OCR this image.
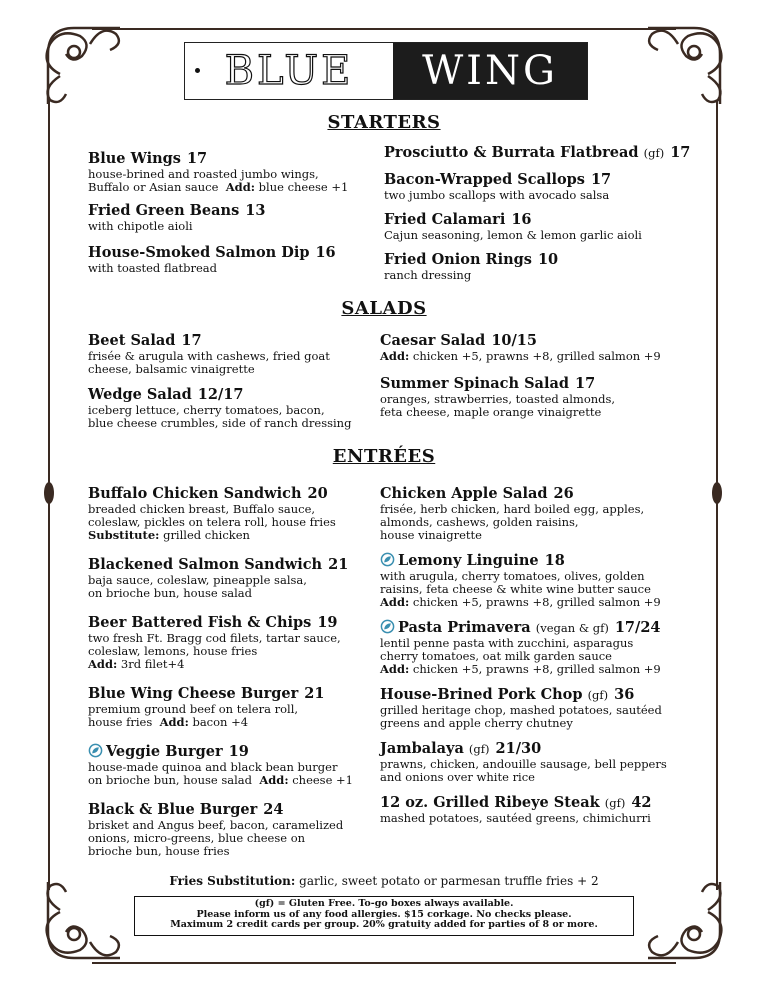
BLUE WING
STARTERS
Blue Wings 17
house-brined and roasted jumbo wings,
Buffalo or Asian sauce Add: blue cheese +1
Fried Green Beans 13
with chipotle aioli
House-Smoked Salmon Dip 16
with toasted flatbread
Prosciutto & Burrata Flatbread (gf) 17
Bacon-Wrapped Scallops 17
two jumbo scallops with avocado salsa
Fried Calamari 16
Cajun seasoning, lemon & lemon garlic aioli
Fried Onion Rings 10
ranch dressing
SALADS
Beet Salad 17
frisée & arugula with cashews, fried goat
cheese, balsamic vinaigrette
Wedge Salad 12/17
iceberg lettuce, cherry tomatoes, bacon,
blue cheese crumbles, side of ranch dressing
Caesar Salad 10/15
Add: chicken +5, prawns +8, grilled salmon +9
Summer Spinach Salad 17
oranges, strawberries, toasted almonds,
feta cheese, maple orange vinaigrette
ENTRÉES
Buffalo Chicken Sandwich 20
breaded chicken breast, Buffalo sauce,
coleslaw, pickles on telera roll, house fries
Substitute: grilled chicken
Blackened Salmon Sandwich 21
baja sauce, coleslaw, pineapple salsa,
on brioche bun, house salad
Beer Battered Fish & Chips 19
two fresh Ft. Bragg cod filets, tartar sauce,
coleslaw, lemons, house fries
Add: 3rd filet+4
Blue Wing Cheese Burger 21
premium ground beef on telera roll,
house fries Add: bacon +4
Veggie Burger 19
house-made quinoa and black bean burger
on brioche bun, house salad Add: cheese +1
Black & Blue Burger 24
brisket and Angus beef, bacon, caramelized
onions, micro-greens, blue cheese on
brioche bun, house fries
Chicken Apple Salad 26
frisée, herb chicken, hard boiled egg, apples,
almonds, cashews, golden raisins,
house vinaigrette
Lemony Linguine 18
with arugula, cherry tomatoes, olives, golden
raisins, feta cheese & white wine butter sauce
Add: chicken +5, prawns +8, grilled salmon +9
Pasta Primavera (vegan & gf) 17/24
lentil penne pasta with zucchini, asparagus
cherry tomatoes, oat milk garden sauce
Add: chicken +5, prawns +8, grilled salmon +9
House-Brined Pork Chop (gf) 36
grilled heritage chop, mashed potatoes, sautéed
greens and apple cherry chutney
Jambalaya (gf) 21/30
prawns, chicken, andouille sausage, bell peppers
and onions over white rice
12 oz. Grilled Ribeye Steak (gf) 42
mashed potatoes, sautéed greens, chimichurri
Fries Substitution: garlic, sweet potato or parmesan truffle fries + 2
(gf) = Gluten Free. To-go boxes always available.
Please inform us of any food allergies. $15 corkage. No checks please.
Maximum 2 credit cards per group. 20% gratuity added for parties of 8 or more.
